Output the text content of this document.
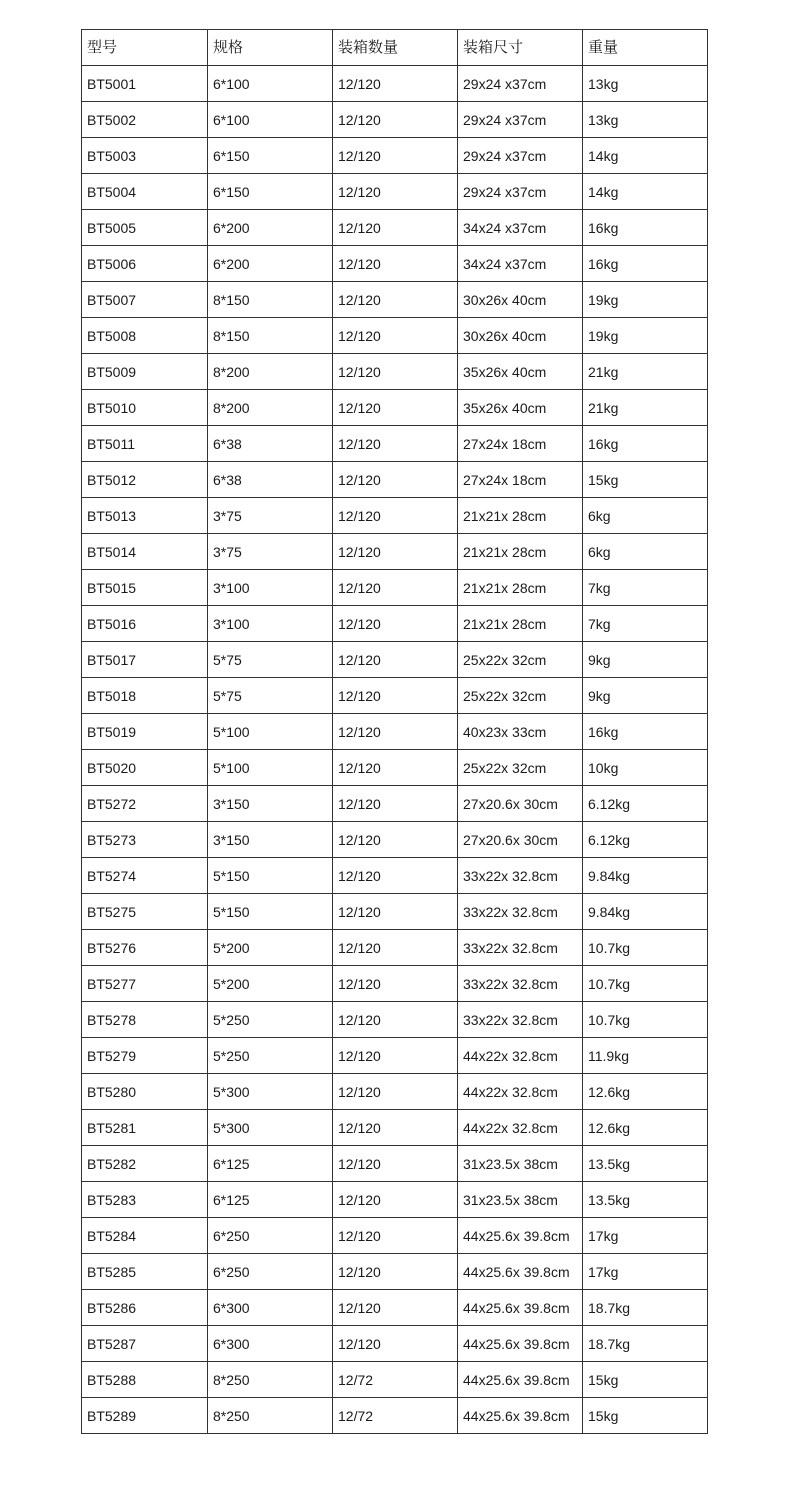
型号	规格	装箱数量	装箱尺寸	重量
BT5001	6*100	12/120	29x24 x37cm	13kg
BT5002	6*100	12/120	29x24 x37cm	13kg
BT5003	6*150	12/120	29x24 x37cm	14kg
BT5004	6*150	12/120	29x24 x37cm	14kg
BT5005	6*200	12/120	34x24 x37cm	16kg
BT5006	6*200	12/120	34x24 x37cm	16kg
BT5007	8*150	12/120	30x26x 40cm	19kg
BT5008	8*150	12/120	30x26x 40cm	19kg
BT5009	8*200	12/120	35x26x 40cm	21kg
BT5010	8*200	12/120	35x26x 40cm	21kg
BT5011	6*38	12/120	27x24x 18cm	16kg
BT5012	6*38	12/120	27x24x 18cm	15kg
BT5013	3*75	12/120	21x21x 28cm	6kg
BT5014	3*75	12/120	21x21x 28cm	6kg
BT5015	3*100	12/120	21x21x 28cm	7kg
BT5016	3*100	12/120	21x21x 28cm	7kg
BT5017	5*75	12/120	25x22x 32cm	9kg
BT5018	5*75	12/120	25x22x 32cm	9kg
BT5019	5*100	12/120	40x23x 33cm	16kg
BT5020	5*100	12/120	25x22x 32cm	10kg
BT5272	3*150	12/120	27x20.6x 30cm	6.12kg
BT5273	3*150	12/120	27x20.6x 30cm	6.12kg
BT5274	5*150	12/120	33x22x 32.8cm	9.84kg
BT5275	5*150	12/120	33x22x 32.8cm	9.84kg
BT5276	5*200	12/120	33x22x 32.8cm	10.7kg
BT5277	5*200	12/120	33x22x 32.8cm	10.7kg
BT5278	5*250	12/120	33x22x 32.8cm	10.7kg
BT5279	5*250	12/120	44x22x 32.8cm	11.9kg
BT5280	5*300	12/120	44x22x 32.8cm	12.6kg
BT5281	5*300	12/120	44x22x 32.8cm	12.6kg
BT5282	6*125	12/120	31x23.5x 38cm	13.5kg
BT5283	6*125	12/120	31x23.5x 38cm	13.5kg
BT5284	6*250	12/120	44x25.6x 39.8cm	17kg
BT5285	6*250	12/120	44x25.6x 39.8cm	17kg
BT5286	6*300	12/120	44x25.6x 39.8cm	18.7kg
BT5287	6*300	12/120	44x25.6x 39.8cm	18.7kg
BT5288	8*250	12/72	44x25.6x 39.8cm	15kg
BT5289	8*250	12/72	44x25.6x 39.8cm	15kg
